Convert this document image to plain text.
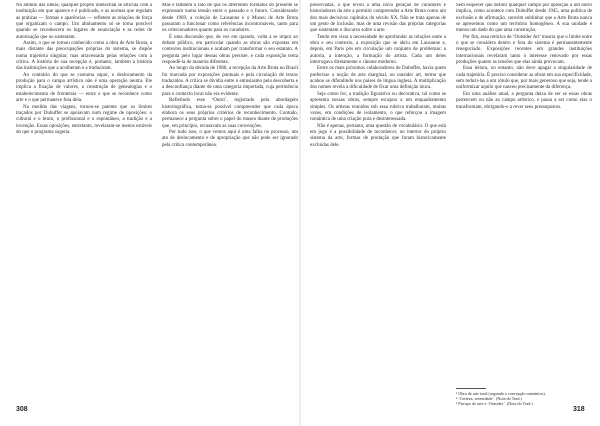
No âmbito das ideias, qualquer projeto intelectual se articula com a instituição em que aparece e é publicado, e as normas que regulam as práticas — formas e aparências — refletem as relações de força que organizam o campo. Um alinhamento só se torna possível quando se reconhecem os lugares de enunciação e as redes de autorização que os sustentam.

Assim, o que se tornou conhecido como a obra de Arte Bruta, a mais distante das preocupações próprias do sistema, se dispõe numa trajetória singular, mas atravessada pelas relações com a crítica. A história de sua recepção é, portanto, também a história das instituições que a acolheram e a traduziram.

Ao contrário do que se costuma supor, o deslocamento da produção para o campo artístico não é uma operação neutra. Ele implica a fixação de valores, a construção de genealogias e o estabelecimento de fronteiras — entre o que se reconhece como arte e o que permanece fora dela.

Na medida das viagens, tornou-se patente que os limites traçados por Dubuffet se apoiavam num regime de oposições: o cultural e o bruto, o profissional e o espontâneo, a tradição e a invenção. Essas oposições, entretanto, revelaram-se menos estáveis do que o programa sugeria.

Mas é também o fato de que os diferentes formatos do presente se expressam numa tensão entre o passado e o futuro. Considerando desde 1969, a coleção de Lausanne e o Museu de Arte Bruta passaram a funcionar como referências incontornáveis, tanto para os colecionadores quanto para os curadores.

É uma discussão que, de vez em quando, volta a se impor ao debate público, em particular quando as obras são expostas em contextos institucionais e acabam por transformar o seu estatuto. A pergunta pelo lugar dessas obras persiste, e cada exposição tenta respondê-la de maneira diferente.

Ao longo da década de 1980, a recepção da Arte Bruta no Brasil foi marcada por exposições pontuais e pela circulação de textos traduzidos. A crítica se dividia entre o entusiasmo pela descoberta e a desconfiança diante de uma categoria importada, cuja pertinência para o contexto local não era evidente.

Refletindo esse ‘Outro’, registrado pela abordagem historiográfica, torna-se possível compreender que cada época elabora os seus próprios critérios de reconhecimento. Contudo, permanece a pergunta sobre o papel do museu diante de produções que, em princípio, recusavam as suas convenções.

Por tudo isso, o que vemos aqui é uma falha no processo, um ato de deslocamento e de apropriação que não pode ser ignorado pela crítica contemporânea.

preservadas, a que levou a uma nova geração de curadores e historiadores da arte a permitir compreender a Arte Bruta como um dos mais decisivos capítulos do século XX. Não se trata apenas de um gesto de inclusão, mas de uma revisão das próprias categorias que sustentam o discurso sobre a arte.

Tendo em vista a necessidade de aprofundar as relações entre a obra e seu contexto, a exposição que se abriu em Lausanne e, depois, em Paris pôs em circulação um conjunto de problemas: a autoria, a intenção, a formação do artista. Cada um deles interrogava diretamente o cânone moderno.

Entre os mais próximos colaboradores de Dubuffet, havia quem preferisse a noção de arte marginal, ou outsider art, termo que acabou se difundindo nos países de língua inglesa. A multiplicação dos nomes revela a dificuldade de fixar uma definição única.

Seja como for, a tradição figurativa ou decorativa, tal como se apresenta nessas obras, sempre escapou a um enquadramento simples. Os artistas reunidos sob essa rubrica trabalharam, muitas vezes, em condições de isolamento, o que reforçou a imagem romântica de uma criação pura e desinteressada.

Não é apenas, portanto, uma questão de vocabulário. O que está em jogo é a possibilidade de reconhecer, no interior do próprio sistema da arte, formas de produção que foram historicamente excluídas dele.

Sem esquecer que definir qualquer campo por oposição a um outro implica, como acontece com Dubuffet desde 1945, uma política de exclusão e de afirmação, convém sublinhar que a Arte Bruta nunca se apresentou como um território homogêneo. A sua unidade é menos um dado do que uma construção.

Por fim, essa retórica de ‘Outsider Art’ mostra que o limite entre o que se considera dentro e fora do sistema é permanentemente renegociado. Exposições recentes em grandes instituições internacionais revelaram tanto o interesse renovado por essas produções quanto as tensões que elas ainda provocam.

Essa leitura, no entanto, não deve apagar a singularidade de cada trajetória. É preciso considerar as obras em sua especificidade, sem reduzi-las a um rótulo que, por mais generoso que seja, tende a uniformizar aquilo que nasceu precisamente da diferença.

Em uma análise atual, a pergunta deixa de ser se essas obras pertencem ou não ao campo artístico, e passa a ser como elas o transformam, obrigando-o a rever seus pressupostos.

¹ Obra de arte total (segundo a concepção romântica).
² ‘Certeza, serenidade’. (Nota do Trad.)
³ Pin-ups de arte e ‘Outsider’. (Nota do Trad.)
308	318
